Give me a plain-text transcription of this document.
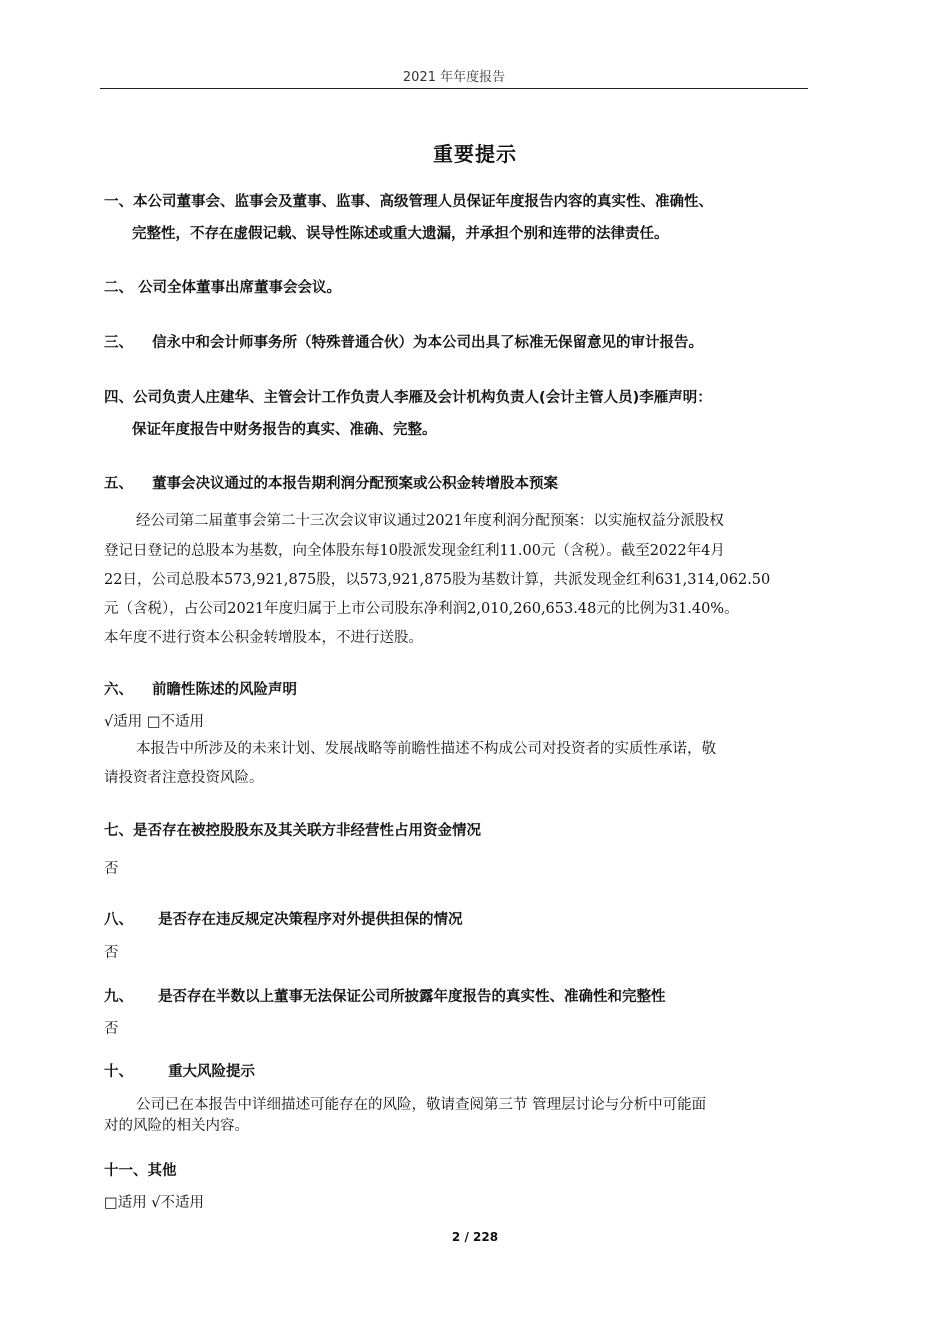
2021 年年度报告
重要提示
一、本公司董事会、监事会及董事、监事、高级管理人员保证年度报告内容的真实性、准确性、
完整性，不存在虚假记载、误导性陈述或重大遗漏，并承担个别和连带的法律责任。
二、 公司全体董事出席董事会会议。
三、 信永中和会计师事务所（特殊普通合伙）为本公司出具了标准无保留意见的审计报告。
四、公司负责人庄建华、主管会计工作负责人李雁及会计机构负责人(会计主管人员)李雁声明：
保证年度报告中财务报告的真实、准确、完整。
五、 董事会决议通过的本报告期利润分配预案或公积金转增股本预案
经公司第二届董事会第二十三次会议审议通过2021年度利润分配预案：以实施权益分派股权
登记日登记的总股本为基数，向全体股东每10股派发现金红利11.00元（含税）。截至2022年4月
22日，公司总股本573,921,875股，以573,921,875股为基数计算，共派发现金红利631,314,062.50
元（含税），占公司2021年度归属于上市公司股东净利润2,010,260,653.48元的比例为31.40%。
本年度不进行资本公积金转增股本，不进行送股。
六、 前瞻性陈述的风险声明
√适用 □不适用
本报告中所涉及的未来计划、发展战略等前瞻性描述不构成公司对投资者的实质性承诺，敬
请投资者注意投资风险。
七、是否存在被控股股东及其关联方非经营性占用资金情况
否
八、 是否存在违反规定决策程序对外提供担保的情况
否
九、 是否存在半数以上董事无法保证公司所披露年度报告的真实性、准确性和完整性
否
十、 重大风险提示
公司已在本报告中详细描述可能存在的风险，敬请查阅第三节 管理层讨论与分析中可能面
对的风险的相关内容。
十一、其他
□适用 √不适用
2 / 228
